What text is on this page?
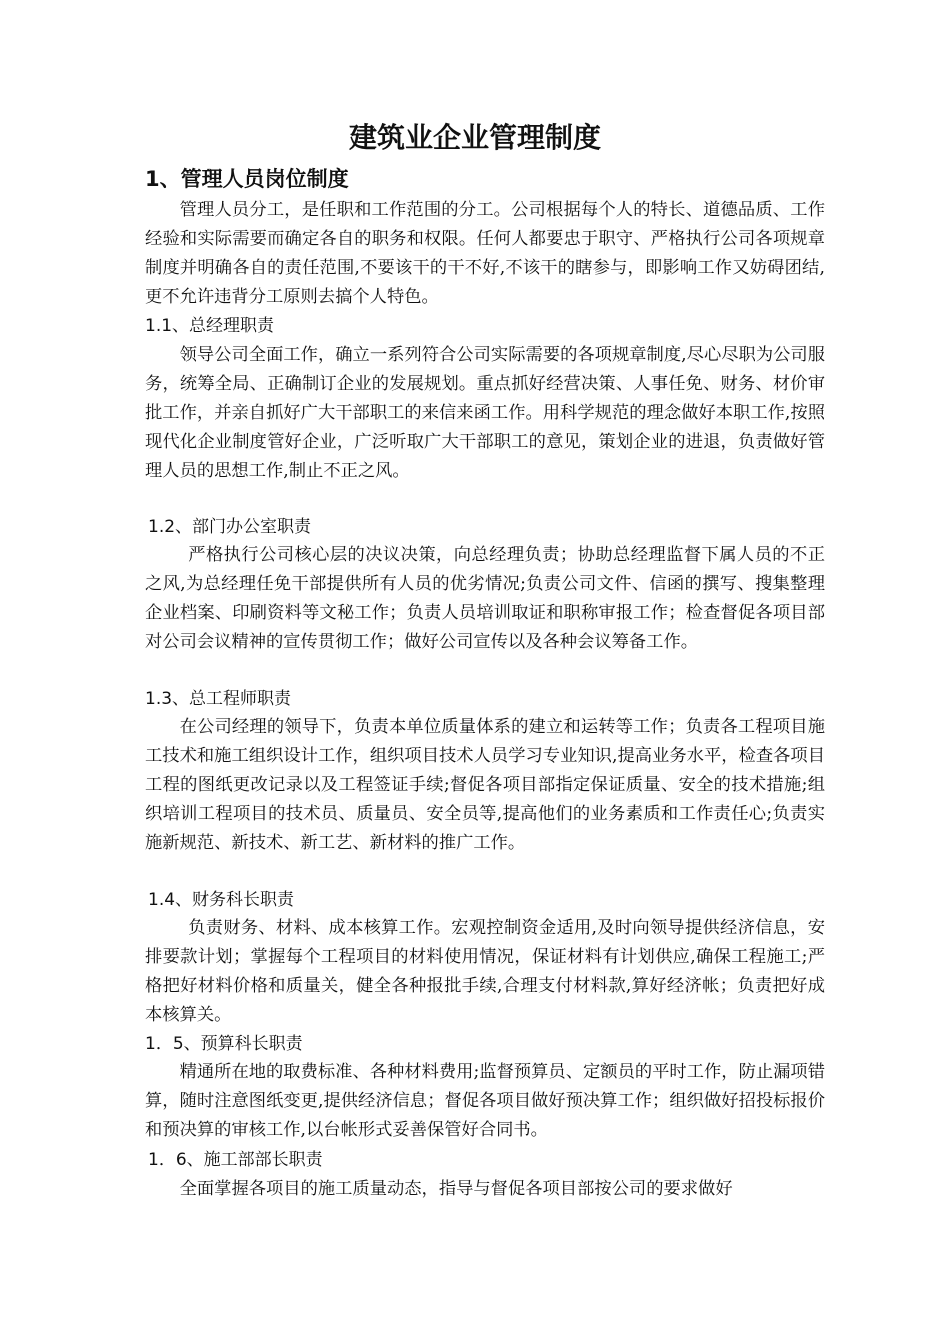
建筑业企业管理制度
1、管理人员岗位制度
管理人员分工，是任职和工作范围的分工。公司根据每个人的特长、道德品质、工作经验和实际需要而确定各自的职务和权限。任何人都要忠于职守、严格执行公司各项规章制度并明确各自的责任范围,不要该干的干不好,不该干的瞎参与，即影响工作又妨碍团结,更不允许违背分工原则去搞个人特色。
1.1、总经理职责
领导公司全面工作，确立一系列符合公司实际需要的各项规章制度,尽心尽职为公司服务，统筹全局、正确制订企业的发展规划。重点抓好经营决策、人事任免、财务、材价审批工作，并亲自抓好广大干部职工的来信来函工作。用科学规范的理念做好本职工作,按照现代化企业制度管好企业，广泛听取广大干部职工的意见，策划企业的进退，负责做好管理人员的思想工作,制止不正之风。
1.2、部门办公室职责
严格执行公司核心层的决议决策，向总经理负责；协助总经理监督下属人员的不正之风,为总经理任免干部提供所有人员的优劣情况;负责公司文件、信函的撰写、搜集整理企业档案、印刷资料等文秘工作；负责人员培训取证和职称审报工作；检查督促各项目部对公司会议精神的宣传贯彻工作；做好公司宣传以及各种会议筹备工作。
1.3、总工程师职责
在公司经理的领导下，负责本单位质量体系的建立和运转等工作；负责各工程项目施工技术和施工组织设计工作，组织项目技术人员学习专业知识,提高业务水平，检查各项目工程的图纸更改记录以及工程签证手续;督促各项目部指定保证质量、安全的技术措施;组织培训工程项目的技术员、质量员、安全员等,提高他们的业务素质和工作责任心;负责实施新规范、新技术、新工艺、新材料的推广工作。
1.4、财务科长职责
负责财务、材料、成本核算工作。宏观控制资金适用,及时向领导提供经济信息，安排要款计划；掌握每个工程项目的材料使用情况，保证材料有计划供应,确保工程施工;严格把好材料价格和质量关，健全各种报批手续,合理支付材料款,算好经济帐；负责把好成本核算关。
1．5、预算科长职责
精通所在地的取费标准、各种材料费用;监督预算员、定额员的平时工作，防止漏项错算，随时注意图纸变更,提供经济信息；督促各项目做好预决算工作；组织做好招投标报价和预决算的审核工作,以台帐形式妥善保管好合同书。
1．6、施工部部长职责
全面掌握各项目的施工质量动态，指导与督促各项目部按公司的要求做好
